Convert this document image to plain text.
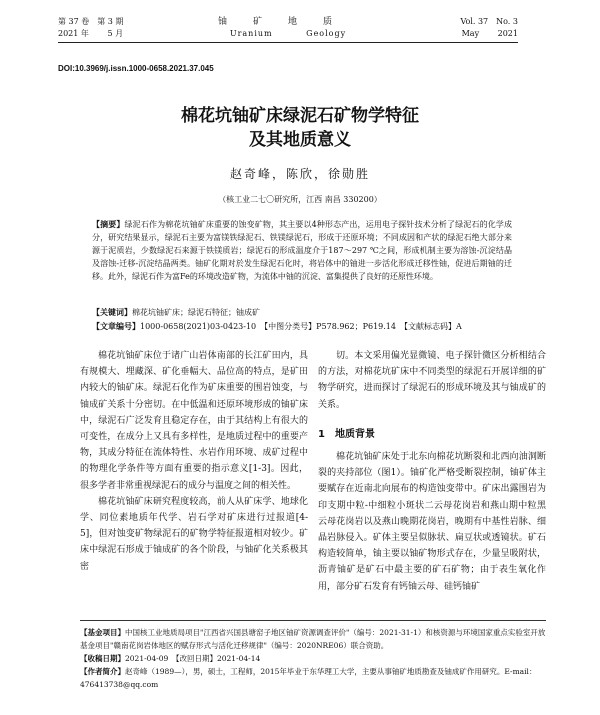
第 37 卷　第 3 期
2021 年　　 5 月
铀矿地质
Uranium Geology
Vol. 37　No. 3
May　　 2021
DOI:10.3969/j.issn.1000-0658.2021.37.045
棉花坑铀矿床绿泥石矿物学特征
及其地质意义
赵奇峰，陈欣，徐勋胜
（核工业二七〇研究所，江西 南昌 330200）
【摘要】绿泥石作为棉花坑铀矿床重要的蚀变矿物，其主要以4种形态产出，运用电子探针技术分析了绿泥石的化学成分，研究结果显示，绿泥石主要为富镁铁绿泥石、铁镁绿泥石，形成于还原环境；不同成因和产状的绿泥石绝大部分来源于泥质岩，少数绿泥石来源于铁镁质岩；绿泥石的形成温度介于187～297 ℃之间，形成机制主要为溶蚀-沉淀结晶及溶蚀-迁移-沉淀结晶两类。铀矿化期对於发生绿泥石化时，将岩体中的铀进一步活化形成迁移性铀，促进后期铀的迁移。此外，绿泥石作为富Fe的环境改造矿物，为流体中铀的沉淀、富集提供了良好的还原性环境。
【关键词】棉花坑铀矿床；绿泥石特征；铀成矿
【文章编号】1000-0658(2021)03-0423-10　【中图分类号】P578.962；P619.14　【文献标志码】A

棉花坑铀矿床位于诸广山岩体南部的长江矿田内，具有规模大、埋藏深、矿化垂幅大、品位高的特点，是矿田内较大的铀矿床。绿泥石化作为矿床重要的围岩蚀变，与铀成矿关系十分密切。在中低温和还原环境形成的铀矿床中，绿泥石广泛发育且稳定存在，由于其结构上有很大的可变性，在成分上又具有多样性，是地质过程中的重要产物，其成分特征在流体特性、水岩作用环境、成矿过程中的物理化学条件等方面有重要的指示意义[1-3]。因此，很多学者非常重视绿泥石的成分与温度之间的相关性。

棉花坑铀矿床研究程度较高，前人从矿床学、地球化学、同位素地质年代学、岩石学对矿床进行过报道[4-5]，但对蚀变矿物绿泥石的矿物学特征报道相对较少。矿床中绿泥石形成于铀成矿的各个阶段，与铀矿化关系极其密

切。本文采用偏光显微镜、电子探针微区分析相结合的方法，对棉花坑矿床中不同类型的绿泥石开展详细的矿物学研究，进而探讨了绿泥石的形成环境及其与铀成矿的关系。

1　地质背景

棉花坑铀矿床处于北东向棉花坑断裂和北西向油洞断裂的夹持部位（图1）。铀矿化严格受断裂控制，铀矿体主要赋存在近南北向展布的构造蚀变带中。矿床出露围岩为印支期中粒-中细粒小斑状二云母花岗岩和燕山期中粒黑云母花岗岩以及燕山晚期花岗岩，晚期有中基性岩脉、细晶岩脉侵入。矿体主要呈似脉状、扁豆状或透镜状。矿石构造较简单，铀主要以铀矿物形式存在，少量呈吸附状，沥青铀矿是矿石中最主要的矿石矿物；由于表生氧化作用，部分矿石发育有钙铀云母、硅钙铀矿

【基金项目】中国核工业地质局项目"江西省兴国县塘窑子地区铀矿资源调查评价"（编号：2021-31-1）和核资源与环境国家重点实验室开放基金项目"赣南花岗岩体地区的赋存形式与活化迁移规律"（编号：2020NRE06）联合资助。
【收稿日期】2021-04-09　【改回日期】2021-04-14
【作者简介】赵奇峰（1989—），男，硕士，工程师，2015年毕业于东华理工大学，主要从事铀矿地质勘查及铀成矿作用研究。E-mail：476413738@qq.com
